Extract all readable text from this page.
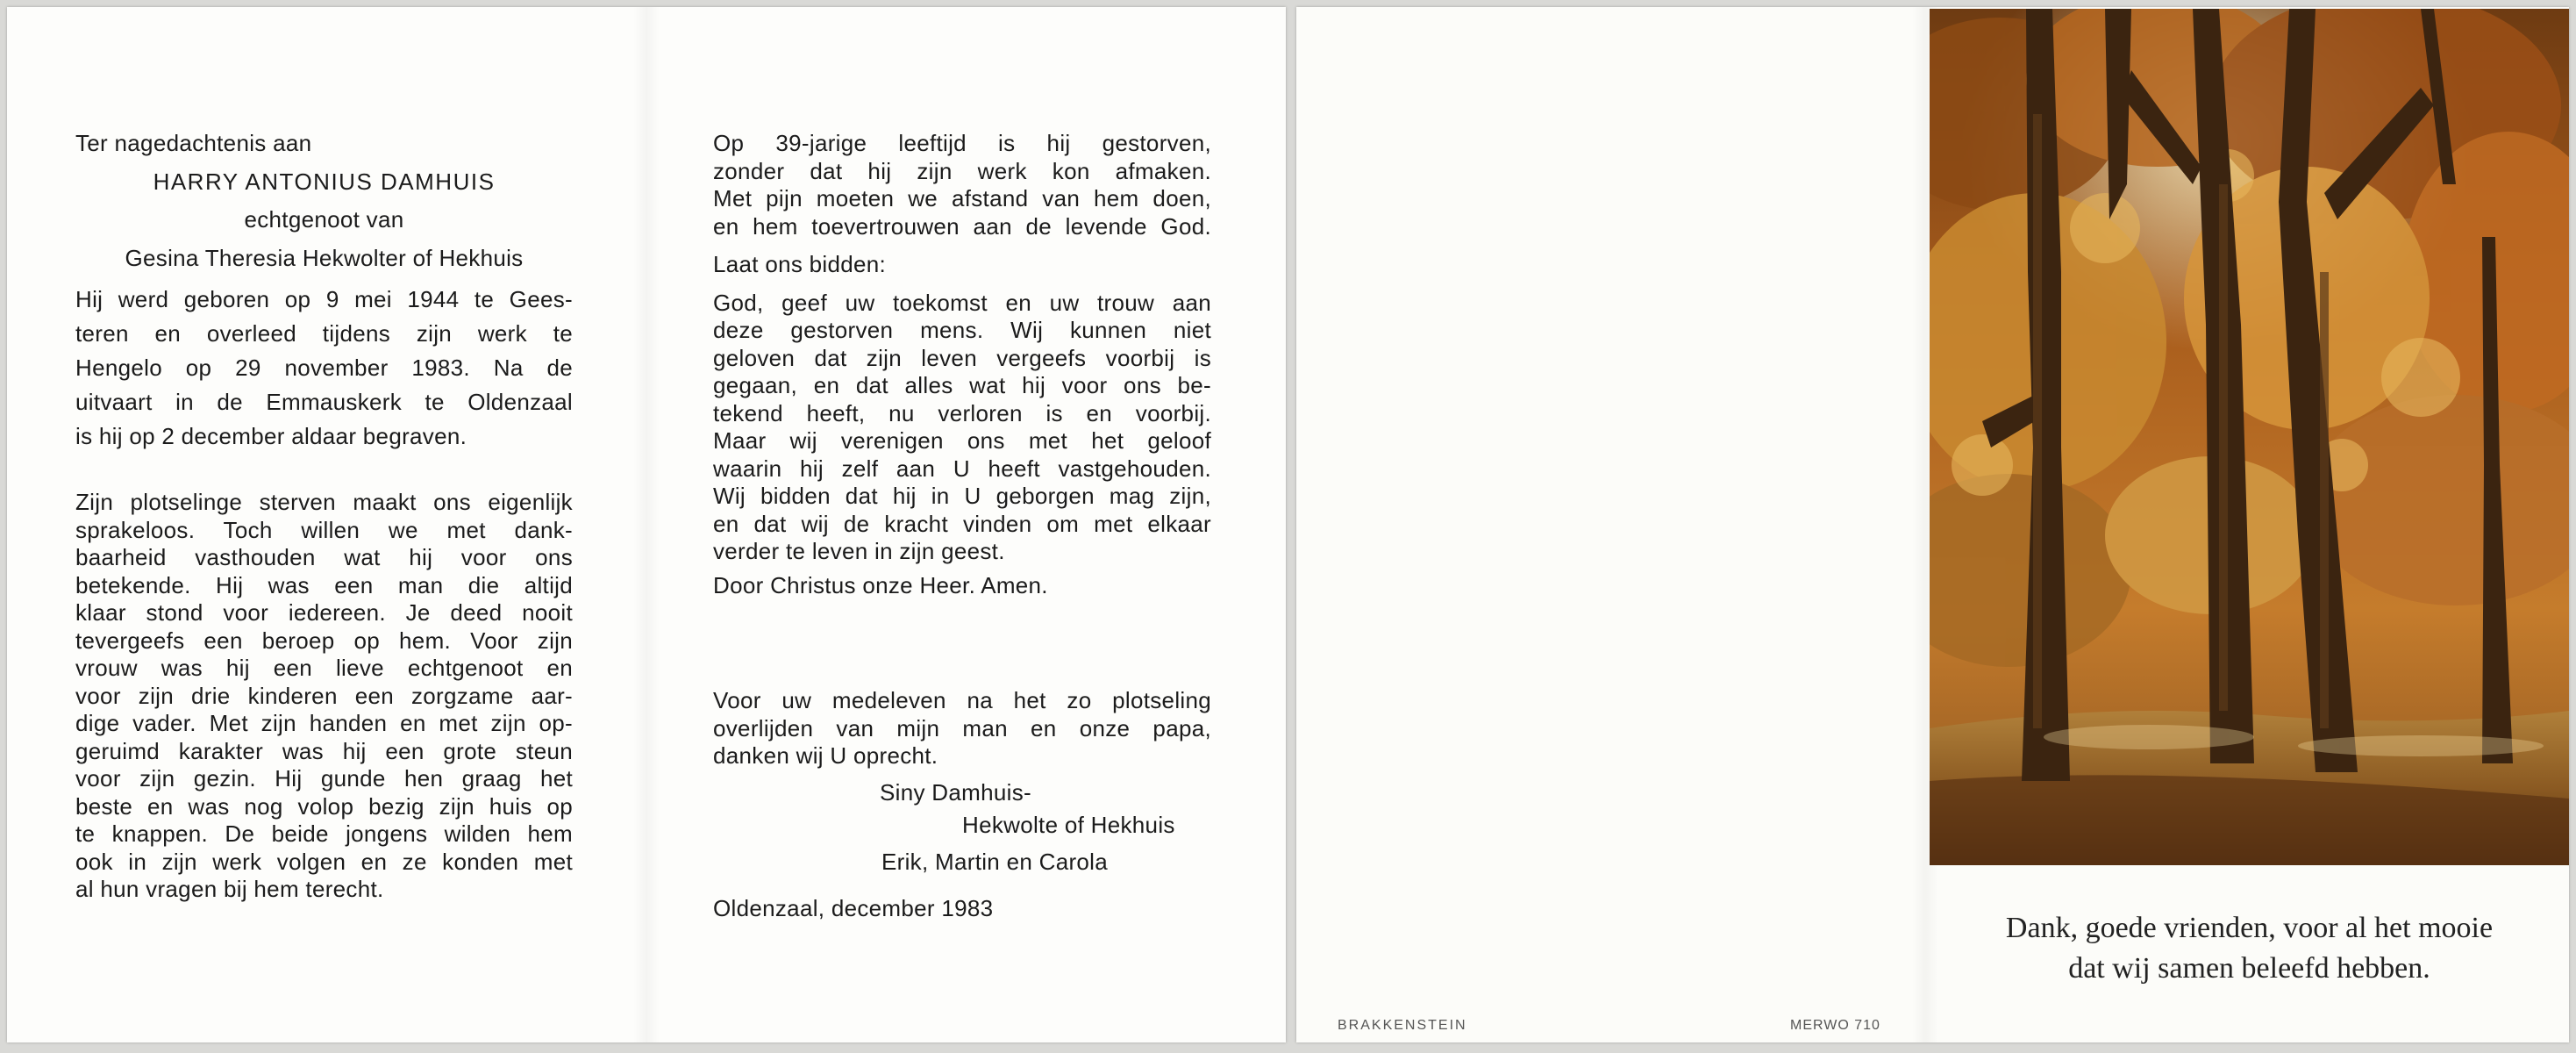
Ter nagedachtenis aan

HARRY ANTONIUS DAMHUIS

echtgenoot van

Gesina Theresia Hekwolter of Hekhuis

Hij werd geboren op 9 mei 1944 te Gees-

teren en overleed tijdens zijn werk te

Hengelo op 29 november 1983. Na de

uitvaart in de Emmauskerk te Oldenzaal

is hij op 2 december aldaar begraven.

Zijn plotselinge sterven maakt ons eigenlijk

sprakeloos. Toch willen we met dank-

baarheid vasthouden wat hij voor ons

betekende. Hij was een man die altijd

klaar stond voor iedereen. Je deed nooit

tevergeefs een beroep op hem. Voor zijn

vrouw was hij een lieve echtgenoot en

voor zijn drie kinderen een zorgzame aar-

dige vader. Met zijn handen en met zijn op-

geruimd karakter was hij een grote steun

voor zijn gezin. Hij gunde hen graag het

beste en was nog volop bezig zijn huis op

te knappen. De beide jongens wilden hem

ook in zijn werk volgen en ze konden met

al hun vragen bij hem terecht.

Op 39-jarige leeftijd is hij gestorven,

zonder dat hij zijn werk kon afmaken.

Met pijn moeten we afstand van hem doen,

en hem toevertrouwen aan de levende God.

Laat ons bidden:

God, geef uw toekomst en uw trouw aan

deze gestorven mens. Wij kunnen niet

geloven dat zijn leven vergeefs voorbij is

gegaan, en dat alles wat hij voor ons be-

tekend heeft, nu verloren is en voorbij.

Maar wij verenigen ons met het geloof

waarin hij zelf aan U heeft vastgehouden.

Wij bidden dat hij in U geborgen mag zijn,

en dat wij de kracht vinden om met elkaar

verder te leven in zijn geest.

Door Christus onze Heer. Amen.

Voor uw medeleven na het zo plotseling

overlijden van mijn man en onze papa,

danken wij U oprecht.

Siny Damhuis-

Hekwolte of Hekhuis

Erik, Martin en Carola

Oldenzaal, december 1983

Dank, goede vrienden, voor al het mooie
dat wij samen beleefd hebben.
BRAKKENSTEIN	MERWO 710
